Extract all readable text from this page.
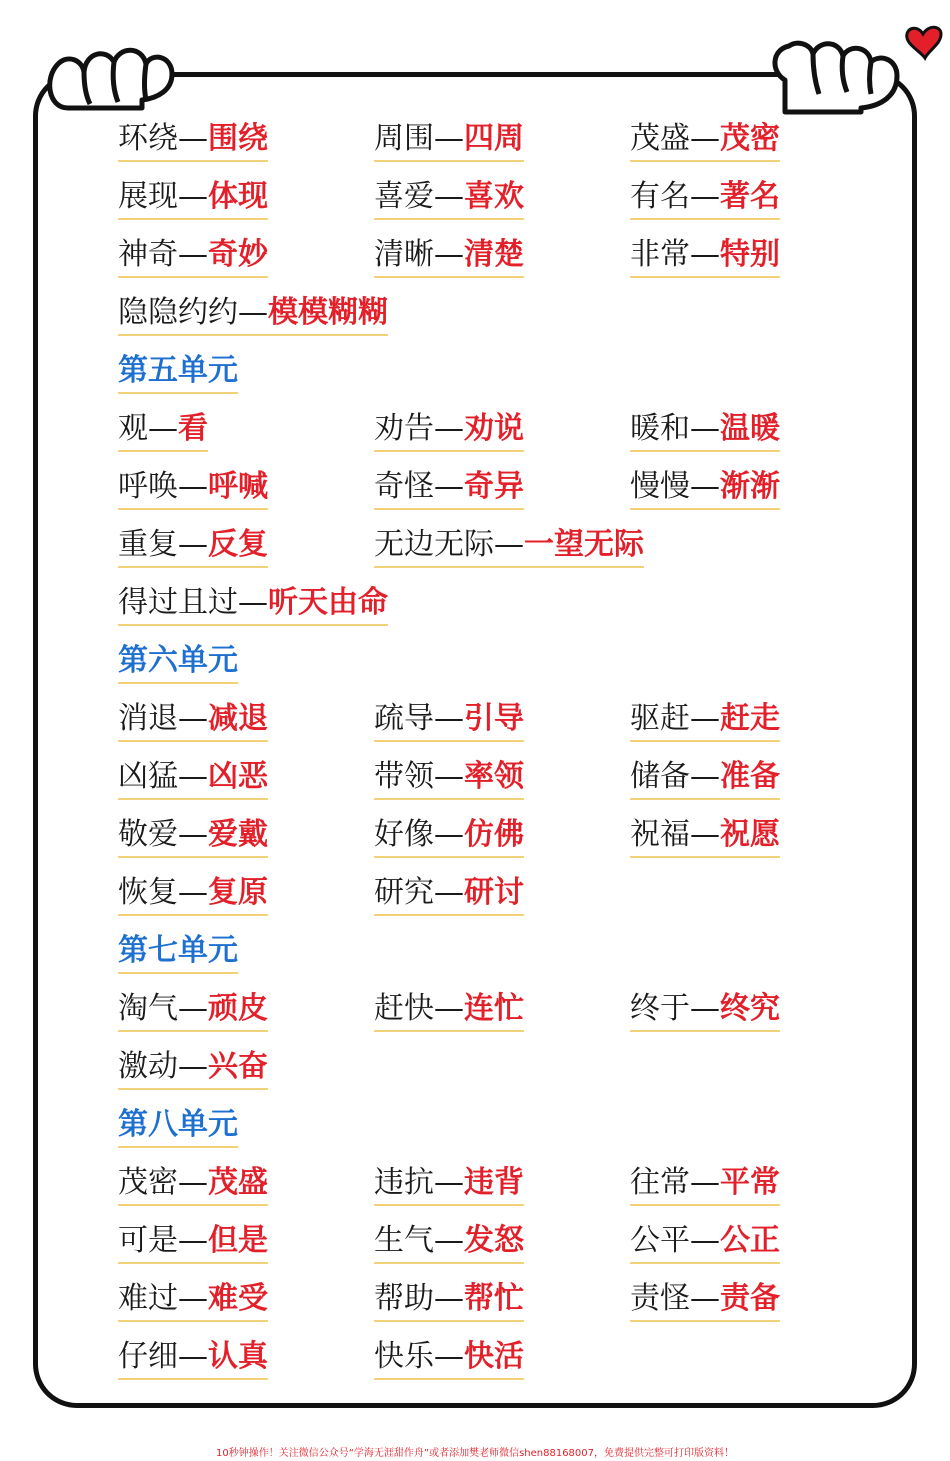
环绕—围绕	周围—四周	茂盛—茂密
展现—体现	喜爱—喜欢	有名—著名
神奇—奇妙	清晰—清楚	非常—特别
隐隐约约—模模糊糊
第五单元
观—看	劝告—劝说	暖和—温暖
呼唤—呼喊	奇怪—奇异	慢慢—渐渐
重复—反复	无边无际—一望无际
得过且过—听天由命
第六单元
消退—减退	疏导—引导	驱赶—赶走
凶猛—凶恶	带领—率领	储备—准备
敬爱—爱戴	好像—仿佛	祝福—祝愿
恢复—复原	研究—研讨
第七单元
淘气—顽皮	赶快—连忙	终于—终究
激动—兴奋
第八单元
茂密—茂盛	违抗—违背	往常—平常
可是—但是	生气—发怒	公平—公正
难过—难受	帮助—帮忙	责怪—责备
仔细—认真	快乐—快活
10秒钟操作！关注微信公众号“学海无涯甜作舟”或者添加樊老师微信shen88168007，免费提供完整可打印版资料！
